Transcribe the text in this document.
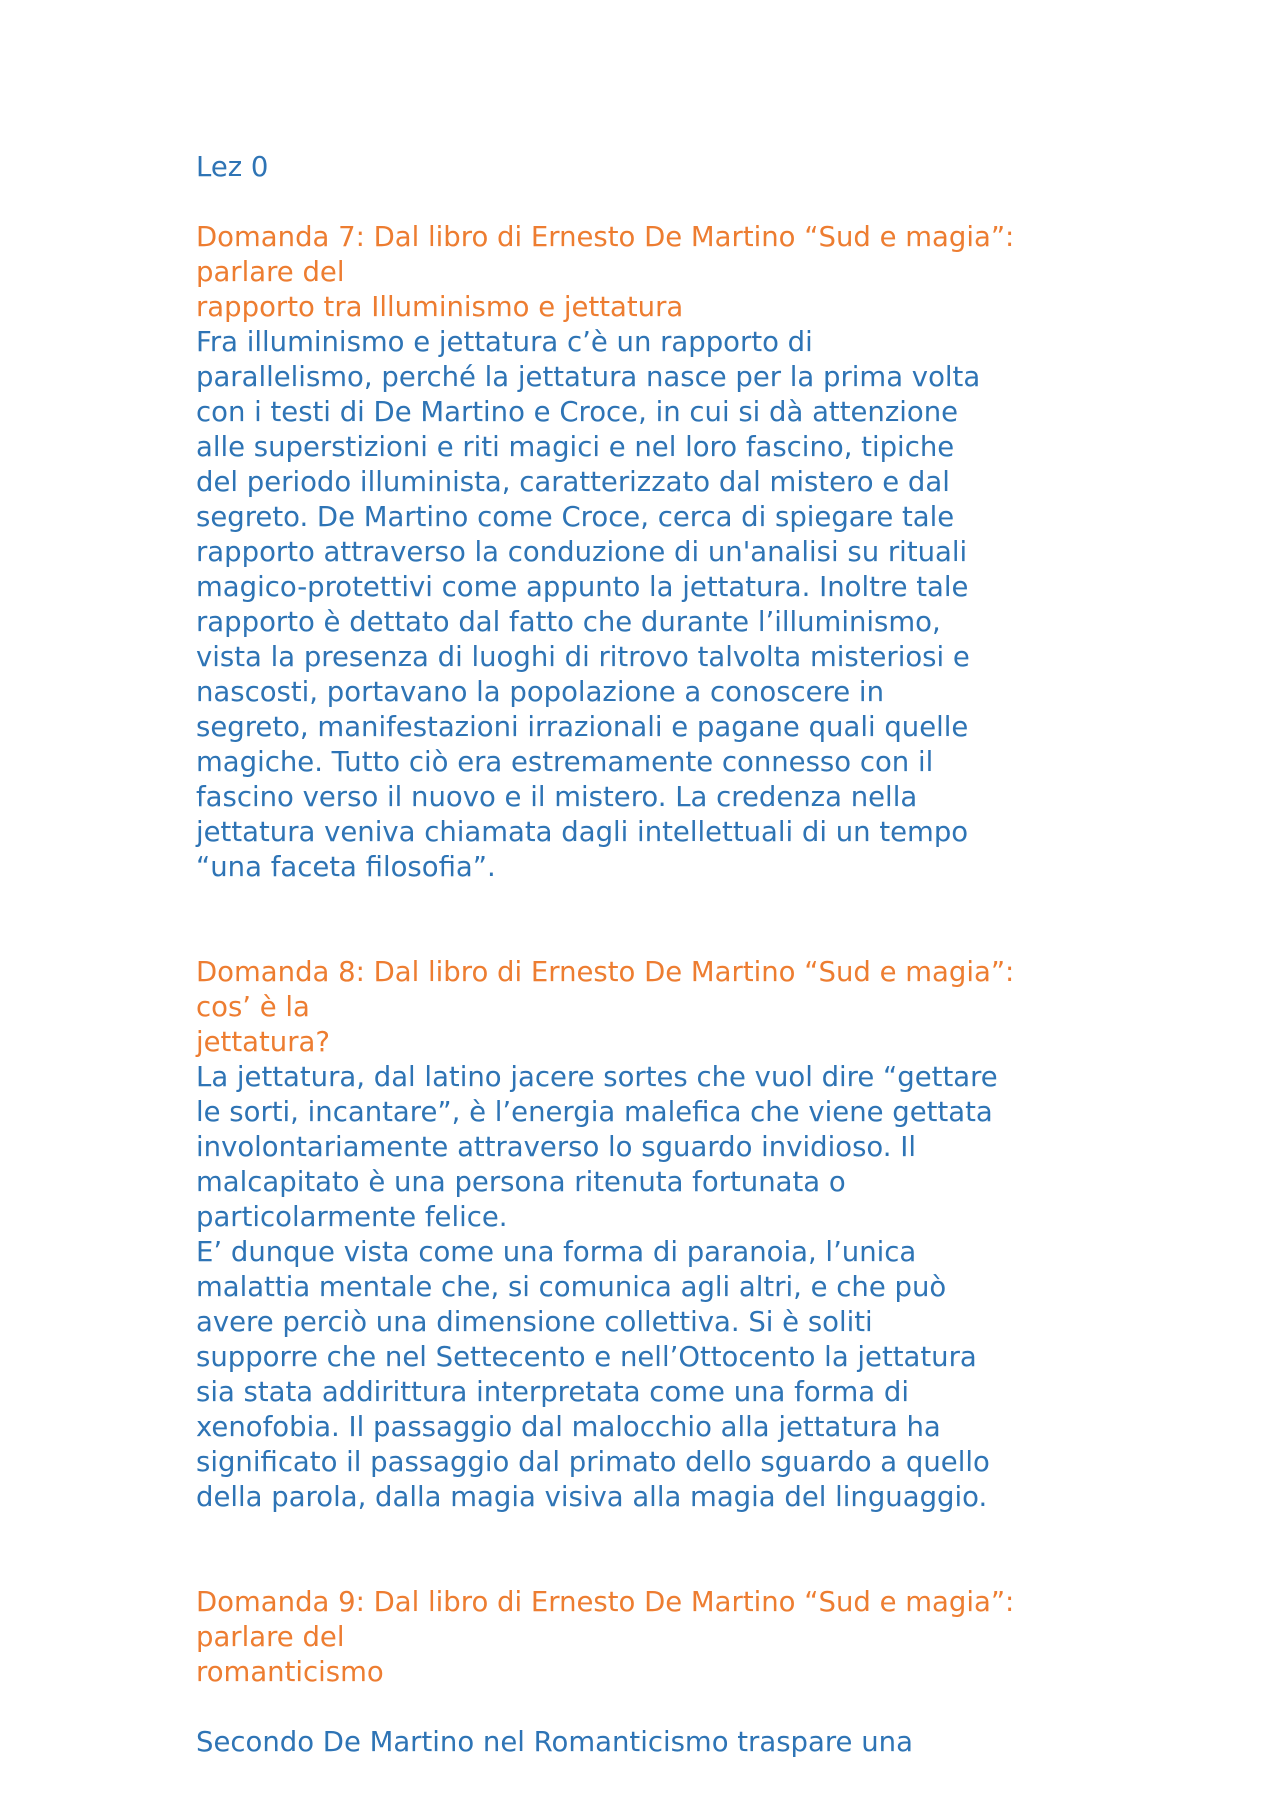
Lez 0
Domanda 7: Dal libro di Ernesto De Martino “Sud e magia”:
parlare del
rapporto tra Illuminismo e jettatura
Fra illuminismo e jettatura c’è un rapporto di
parallelismo, perché la jettatura nasce per la prima volta
con i testi di De Martino e Croce, in cui si dà attenzione
alle superstizioni e riti magici e nel loro fascino, tipiche
del periodo illuminista, caratterizzato dal mistero e dal
segreto. De Martino come Croce, cerca di spiegare tale
rapporto attraverso la conduzione di un'analisi su rituali
magico-protettivi come appunto la jettatura. Inoltre tale
rapporto è dettato dal fatto che durante l’illuminismo,
vista la presenza di luoghi di ritrovo talvolta misteriosi e
nascosti, portavano la popolazione a conoscere in
segreto, manifestazioni irrazionali e pagane quali quelle
magiche. Tutto ciò era estremamente connesso con il
fascino verso il nuovo e il mistero. La credenza nella
jettatura veniva chiamata dagli intellettuali di un tempo
“una faceta filosofia”.
Domanda 8: Dal libro di Ernesto De Martino “Sud e magia”:
cos’ è la
jettatura?
La jettatura, dal latino jacere sortes che vuol dire “gettare
le sorti, incantare”, è l’energia malefica che viene gettata
involontariamente attraverso lo sguardo invidioso. Il
malcapitato è una persona ritenuta fortunata o
particolarmente felice.
E’ dunque vista come una forma di paranoia, l’unica
malattia mentale che, si comunica agli altri, e che può
avere perciò una dimensione collettiva. Si è soliti
supporre che nel Settecento e nell’Ottocento la jettatura
sia stata addirittura interpretata come una forma di
xenofobia. Il passaggio dal malocchio alla jettatura ha
significato il passaggio dal primato dello sguardo a quello
della parola, dalla magia visiva alla magia del linguaggio.
Domanda 9: Dal libro di Ernesto De Martino “Sud e magia”:
parlare del
romanticismo
Secondo De Martino nel Romanticismo traspare una
